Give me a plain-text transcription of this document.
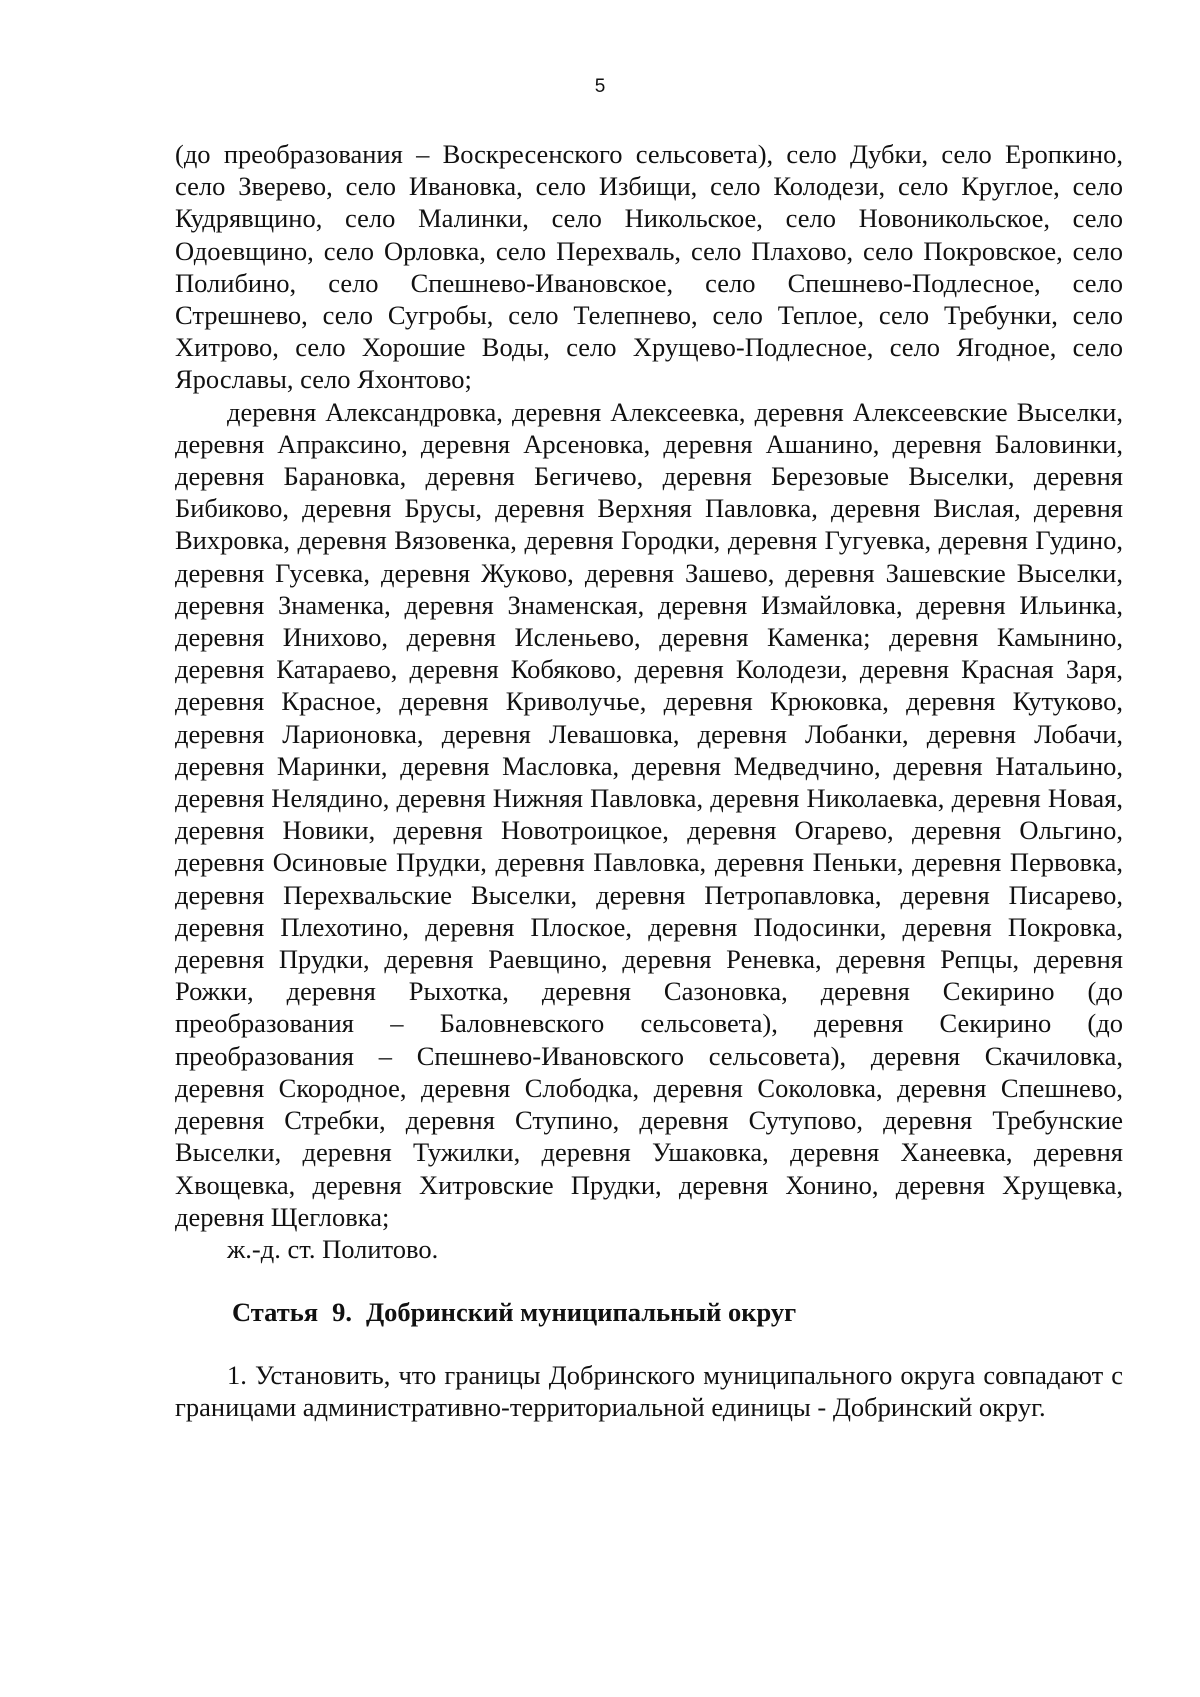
5

(до преобразования – Воскресенского сельсовета), село Дубки, село Еропкино, село Зверево, село Ивановка, село Избищи, село Колодези, село Круглое, село Кудрявщино, село Малинки, село Никольское, село Новоникольское, село Одоевщино, село Орловка, село Перехваль, село Плахово, село Покровское, село Полибино, село Спешнево-Ивановское, село Спешнево-Подлесное, село Стрешнево, село Сугробы, село Телепнево, село Теплое, село Требунки, село Хитрово, село Хорошие Воды, село Хрущево-Подлесное, село Ягодное, село Ярославы, село Яхонтово;

деревня Александровка, деревня Алексеевка, деревня Алексеевские Выселки, деревня Апраксино, деревня Арсеновка, деревня Ашанино, деревня Баловинки, деревня Барановка, деревня Бегичево, деревня Березовые Выселки, деревня Бибиково, деревня Брусы, деревня Верхняя Павловка, деревня Вислая, деревня Вихровка, деревня Вязовенка, деревня Городки, деревня Гугуевка, деревня Гудино, деревня Гусевка, деревня Жуково, деревня Зашево, деревня Зашевские Выселки, деревня Знаменка, деревня Знаменская, деревня Измайловка, деревня Ильинка, деревня Инихово, деревня Исленьево, деревня Каменка; деревня Камынино, деревня Катараево, деревня Кобяково, деревня Колодези, деревня Красная Заря, деревня Красное, деревня Криволучье, деревня Крюковка, деревня Кутуково, деревня Ларионовка, деревня Левашовка, деревня Лобанки, деревня Лобачи, деревня Маринки, деревня Масловка, деревня Медведчино, деревня Натальино, деревня Нелядино, деревня Нижняя Павловка, деревня Николаевка, деревня Новая, деревня Новики, деревня Новотроицкое, деревня Огарево, деревня Ольгино, деревня Осиновые Прудки, деревня Павловка, деревня Пеньки, деревня Первовка, деревня Перехвальские Выселки, деревня Петропавловка, деревня Писарево, деревня Плехотино, деревня Плоское, деревня Подосинки, деревня Покровка, деревня Прудки, деревня Раевщино, деревня Реневка, деревня Репцы, деревня Рожки, деревня Рыхотка, деревня Сазоновка, деревня Секирино (до преобразования – Баловневского сельсовета), деревня Секирино (до преобразования – Спешнево-Ивановского сельсовета), деревня Скачиловка, деревня Скородное, деревня Слободка, деревня Соколовка, деревня Спешнево, деревня Стребки, деревня Ступино, деревня Сутупово, деревня Требунские Выселки, деревня Тужилки, деревня Ушаковка, деревня Ханеевка, деревня Хвощевка, деревня Хитровские Прудки, деревня Хонино, деревня Хрущевка, деревня Щегловка;

ж.-д. ст. Политово.

Статья 9. Добринский муниципальный округ

1. Установить, что границы Добринского муниципального округа совпадают с границами административно-территориальной единицы - Добринский округ.
